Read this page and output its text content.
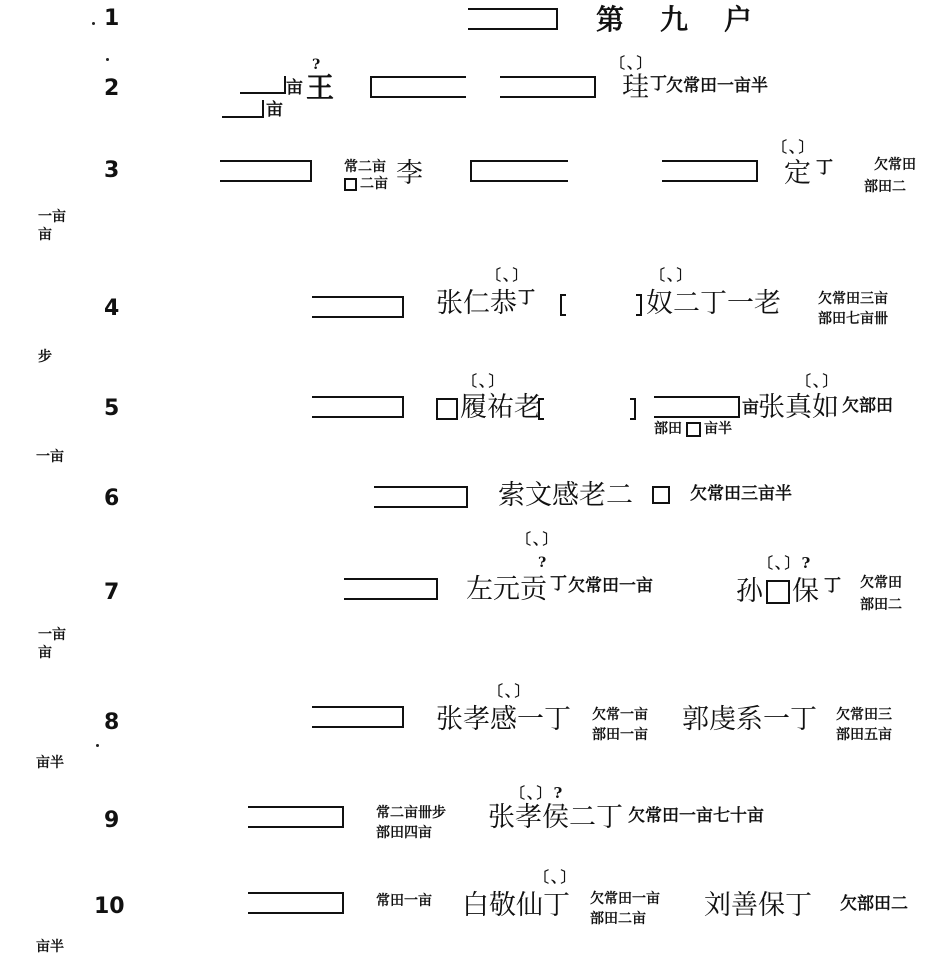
1	第　九　户
2	亩
?
王
亩
〔、〕
珪 丁 欠常田一亩半
3	常二亩
二亩 李
〔、〕
定 丁	欠常田
部田二
一亩
亩
4
〔、〕
张仁恭 丁
〔、〕
奴二丁一老	欠常田三亩
部田七亩卌
步
5
〔、〕
履祐老	亩
部田 亩半
〔、〕
张真如 欠部田
一亩
6	索文感老二	欠常田三亩半
7
〔、〕
?
左元贡 丁 欠常田一亩
〔、〕?
孙 保 丁 欠常田
部田二
一亩
亩
8
〔、〕
张孝感一丁 欠常一亩
部田一亩 郭虔系一丁 欠常田三
部田五亩
亩半
9	常二亩卌步
部田四亩
〔、〕?
张孝侯二丁 欠常田一亩七十亩
10	常田一亩
〔、〕
白敬仙丁 欠常田一亩
部田二亩 刘善保丁 欠部田二
亩半
